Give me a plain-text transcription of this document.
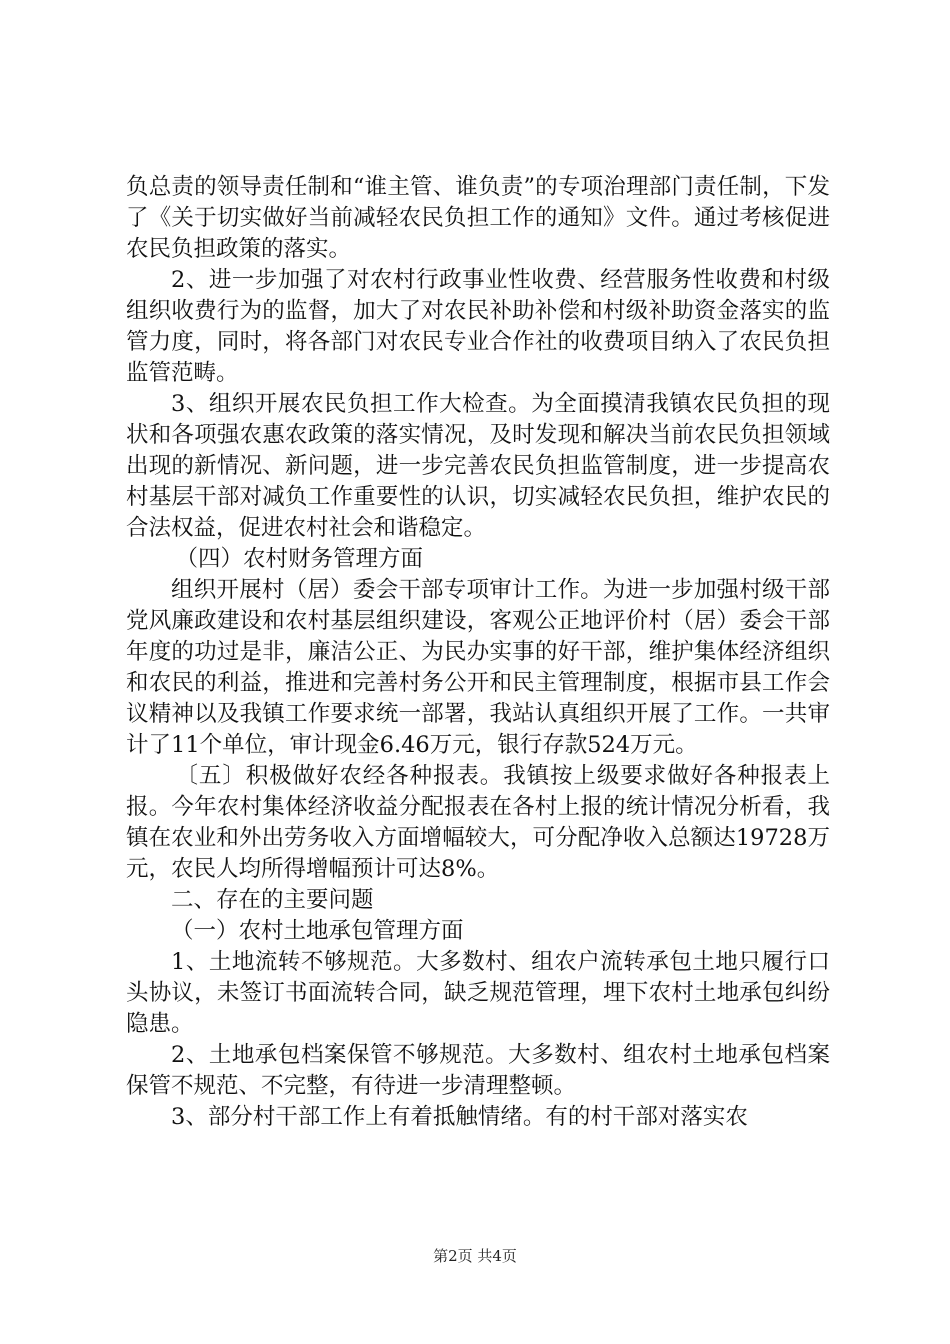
负总责的领导责任制和“谁主管、谁负责”的专项治理部门责任制，下发了《关于切实做好当前减轻农民负担工作的通知》文件。通过考核促进农民负担政策的落实。

2、进一步加强了对农村行政事业性收费、经营服务性收费和村级组织收费行为的监督，加大了对农民补助补偿和村级补助资金落实的监管力度，同时，将各部门对农民专业合作社的收费项目纳入了农民负担监管范畴。

3、组织开展农民负担工作大检查。为全面摸清我镇农民负担的现状和各项强农惠农政策的落实情况，及时发现和解决当前农民负担领域出现的新情况、新问题，进一步完善农民负担监管制度，进一步提高农村基层干部对减负工作重要性的认识，切实减轻农民负担，维护农民的合法权益，促进农村社会和谐稳定。

（四）农村财务管理方面

组织开展村（居）委会干部专项审计工作。为进一步加强村级干部党风廉政建设和农村基层组织建设，客观公正地评价村（居）委会干部年度的功过是非，廉洁公正、为民办实事的好干部，维护集体经济组织和农民的利益，推进和完善村务公开和民主管理制度，根据市县工作会议精神以及我镇工作要求统一部署，我站认真组织开展了工作。一共审计了11个单位，审计现金6.46万元，银行存款524万元。

〔五〕积极做好农经各种报表。我镇按上级要求做好各种报表上报。今年农村集体经济收益分配报表在各村上报的统计情况分析看，我镇在农业和外出劳务收入方面增幅较大，可分配净收入总额达19728万元，农民人均所得增幅预计可达8%。

二、存在的主要问题

（一）农村土地承包管理方面

1、土地流转不够规范。大多数村、组农户流转承包土地只履行口头协议，未签订书面流转合同，缺乏规范管理，埋下农村土地承包纠纷隐患。

2、土地承包档案保管不够规范。大多数村、组农村土地承包档案保管不规范、不完整，有待进一步清理整顿。

3、部分村干部工作上有着抵触情绪。有的村干部对落实农

第2页 共4页
